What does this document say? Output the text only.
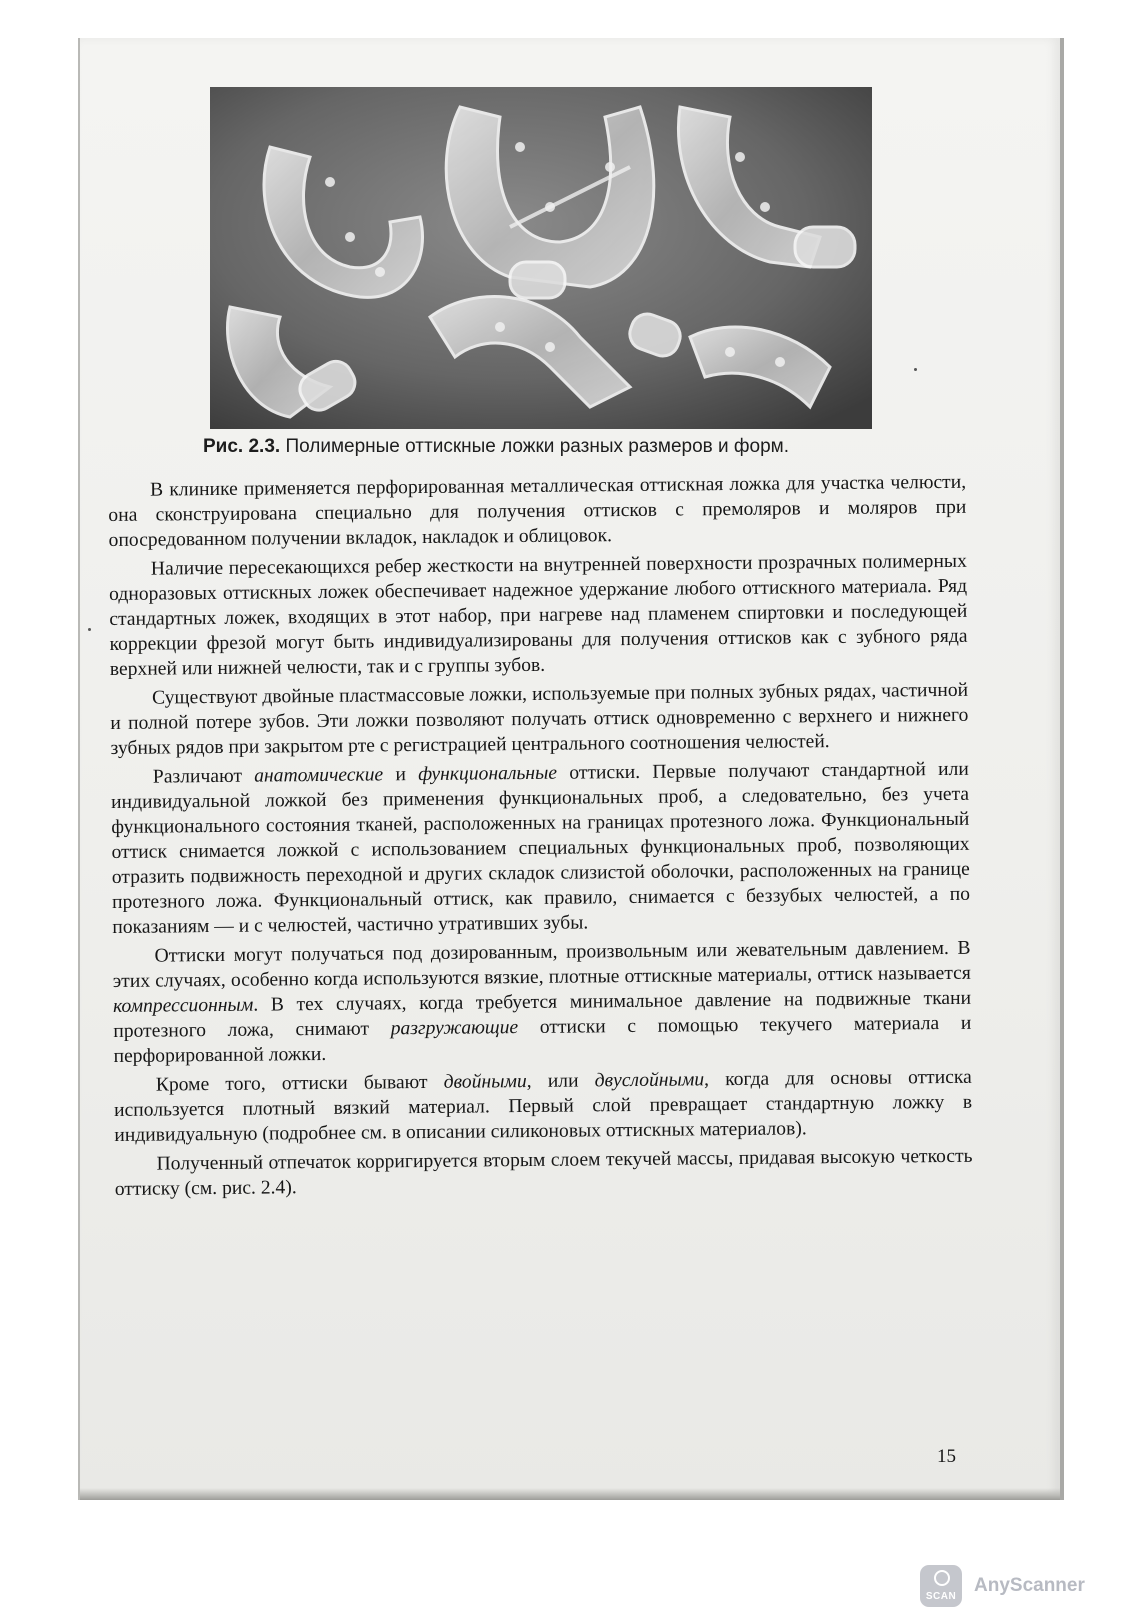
Рис. 2.3. Полимерные оттискные ложки разных размеров и форм.

В клинике применяется перфорированная металлическая оттискная ложка для участка челюсти, она сконструирована специально для получения оттисков с премоляров и моляров при опосредованном получении вкладок, накладок и облицовок.

Наличие пересекающихся ребер жесткости на внутренней поверхности прозрачных полимерных одноразовых оттискных ложек обеспечивает надежное удержание любого оттискного материала. Ряд стандартных ложек, входящих в этот набор, при нагреве над пламенем спиртовки и последующей коррекции фрезой могут быть индивидуализированы для получения оттисков как с зубного ряда верхней или нижней челюсти, так и с группы зубов.

Существуют двойные пластмассовые ложки, используемые при полных зубных рядах, частичной и полной потере зубов. Эти ложки позволяют получать оттиск одновременно с верхнего и нижнего зубных рядов при закрытом рте с регистрацией центрального соотношения челюстей.

Различают анатомические и функциональные оттиски. Первые получают стандартной или индивидуальной ложкой без применения функциональных проб, а следовательно, без учета функционального состояния тканей, расположенных на границах протезного ложа. Функциональный оттиск снимается ложкой с использованием специальных функциональных проб, позволяющих отразить подвижность переходной и других складок слизистой оболочки, расположенных на границе протезного ложа. Функциональный оттиск, как правило, снимается с беззубых челюстей, а по показаниям — и с челюстей, частично утративших зубы.

Оттиски могут получаться под дозированным, произвольным или жевательным давлением. В этих случаях, особенно когда используются вязкие, плотные оттискные материалы, оттиск называется компрессионным. В тех случаях, когда требуется минимальное давление на подвижные ткани протезного ложа, снимают разгружающие оттиски с помощью текучего материала и перфорированной ложки.

Кроме того, оттиски бывают двойными, или двуслойными, когда для основы оттиска используется плотный вязкий материал. Первый слой превращает стандартную ложку в индивидуальную (подробнее см. в описании силиконовых оттискных материалов).

Полученный отпечаток корригируется вторым слоем текучей массы, придавая высокую четкость оттиску (см. рис. 2.4).

15
SCAN
AnyScanner
